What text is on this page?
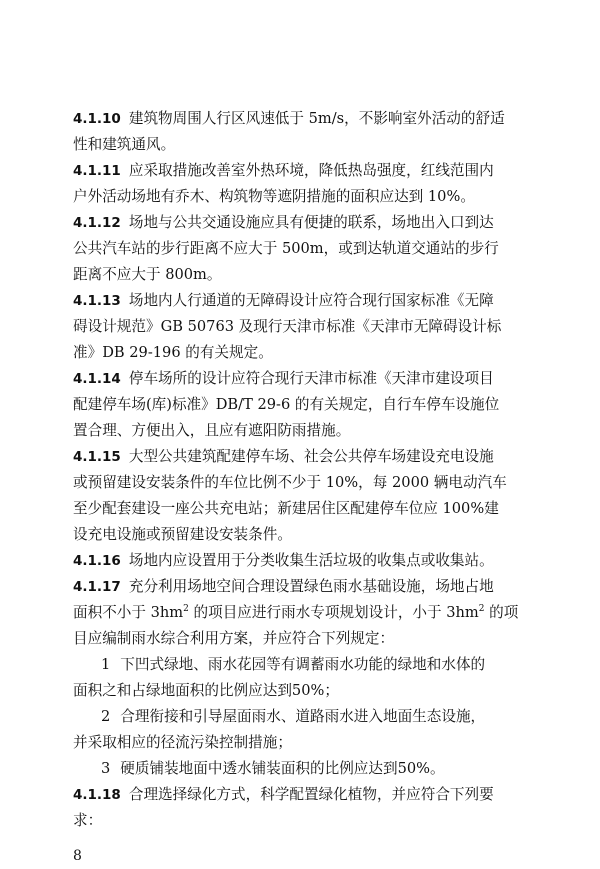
4.1.10 建筑物周围人行区风速低于 5m/s，不影响室外活动的舒适
性和建筑通风。

4.1.11 应采取措施改善室外热环境，降低热岛强度，红线范围内
户外活动场地有乔木、构筑物等遮阴措施的面积应达到 10%。

4.1.12 场地与公共交通设施应具有便捷的联系，场地出入口到达
公共汽车站的步行距离不应大于 500m，或到达轨道交通站的步行
距离不应大于 800m。

4.1.13 场地内人行通道的无障碍设计应符合现行国家标准《无障
碍设计规范》GB 50763 及现行天津市标准《天津市无障碍设计标
准》DB 29-196 的有关规定。

4.1.14 停车场所的设计应符合现行天津市标准《天津市建设项目
配建停车场(库)标准》DB/T 29-6 的有关规定，自行车停车设施位
置合理、方便出入，且应有遮阳防雨措施。

4.1.15 大型公共建筑配建停车场、社会公共停车场建设充电设施
或预留建设安装条件的车位比例不少于 10%，每 2000 辆电动汽车
至少配套建设一座公共充电站；新建居住区配建停车位应 100%建
设充电设施或预留建设安装条件。

4.1.16 场地内应设置用于分类收集生活垃圾的收集点或收集站。

4.1.17 充分利用场地空间合理设置绿色雨水基础设施，场地占地
面积不小于 $3hm^2$ 的项目应进行雨水专项规划设计，小于 $3hm^2$ 的项
目应编制雨水综合利用方案，并应符合下列规定：

1 下凹式绿地、雨水花园等有调蓄雨水功能的绿地和水体的
面积之和占绿地面积的比例应达到50%；

2 合理衔接和引导屋面雨水、道路雨水进入地面生态设施，
并采取相应的径流污染控制措施；

3 硬质铺装地面中透水铺装面积的比例应达到50%。

4.1.18 合理选择绿化方式，科学配置绿化植物，并应符合下列要
求：

8
